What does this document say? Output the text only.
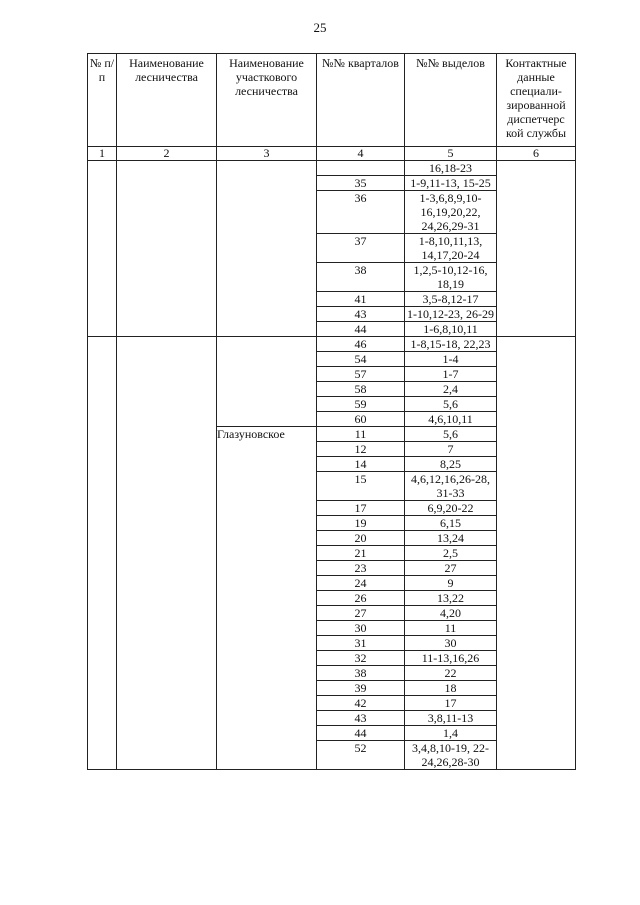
25
№ п/п	Наименование лесничества	Наименование участкового лесничества	№№ кварталов	№№ выделов	Контактные данные специали-зированной диспетчерс кой службы
1	2	3	4	5	6
				16,18-23	
			35	1-9,11-13, 15-25	
			36	1-3,6,8,9,10-16,19,20,22, 24,26,29-31	
			37	1-8,10,11,13, 14,17,20-24	
			38	1,2,5-10,12-16, 18,19	
			41	3,5-8,12-17	
			43	1-10,12-23, 26-29	
			44	1-6,8,10,11	
			46	1-8,15-18, 22,23	
			54	1-4	
			57	1-7	
			58	2,4	
			59	5,6	
			60	4,6,10,11	
		Глазуновское	11	5,6	
			12	7	
			14	8,25	
			15	4,6,12,16,26-28, 31-33	
			17	6,9,20-22	
			19	6,15	
			20	13,24	
			21	2,5	
			23	27	
			24	9	
			26	13,22	
			27	4,20	
			30	11	
			31	30	
			32	11-13,16,26	
			38	22	
			39	18	
			42	17	
			43	3,8,11-13	
			44	1,4	
			52	3,4,8,10-19, 22-24,26,28-30	
